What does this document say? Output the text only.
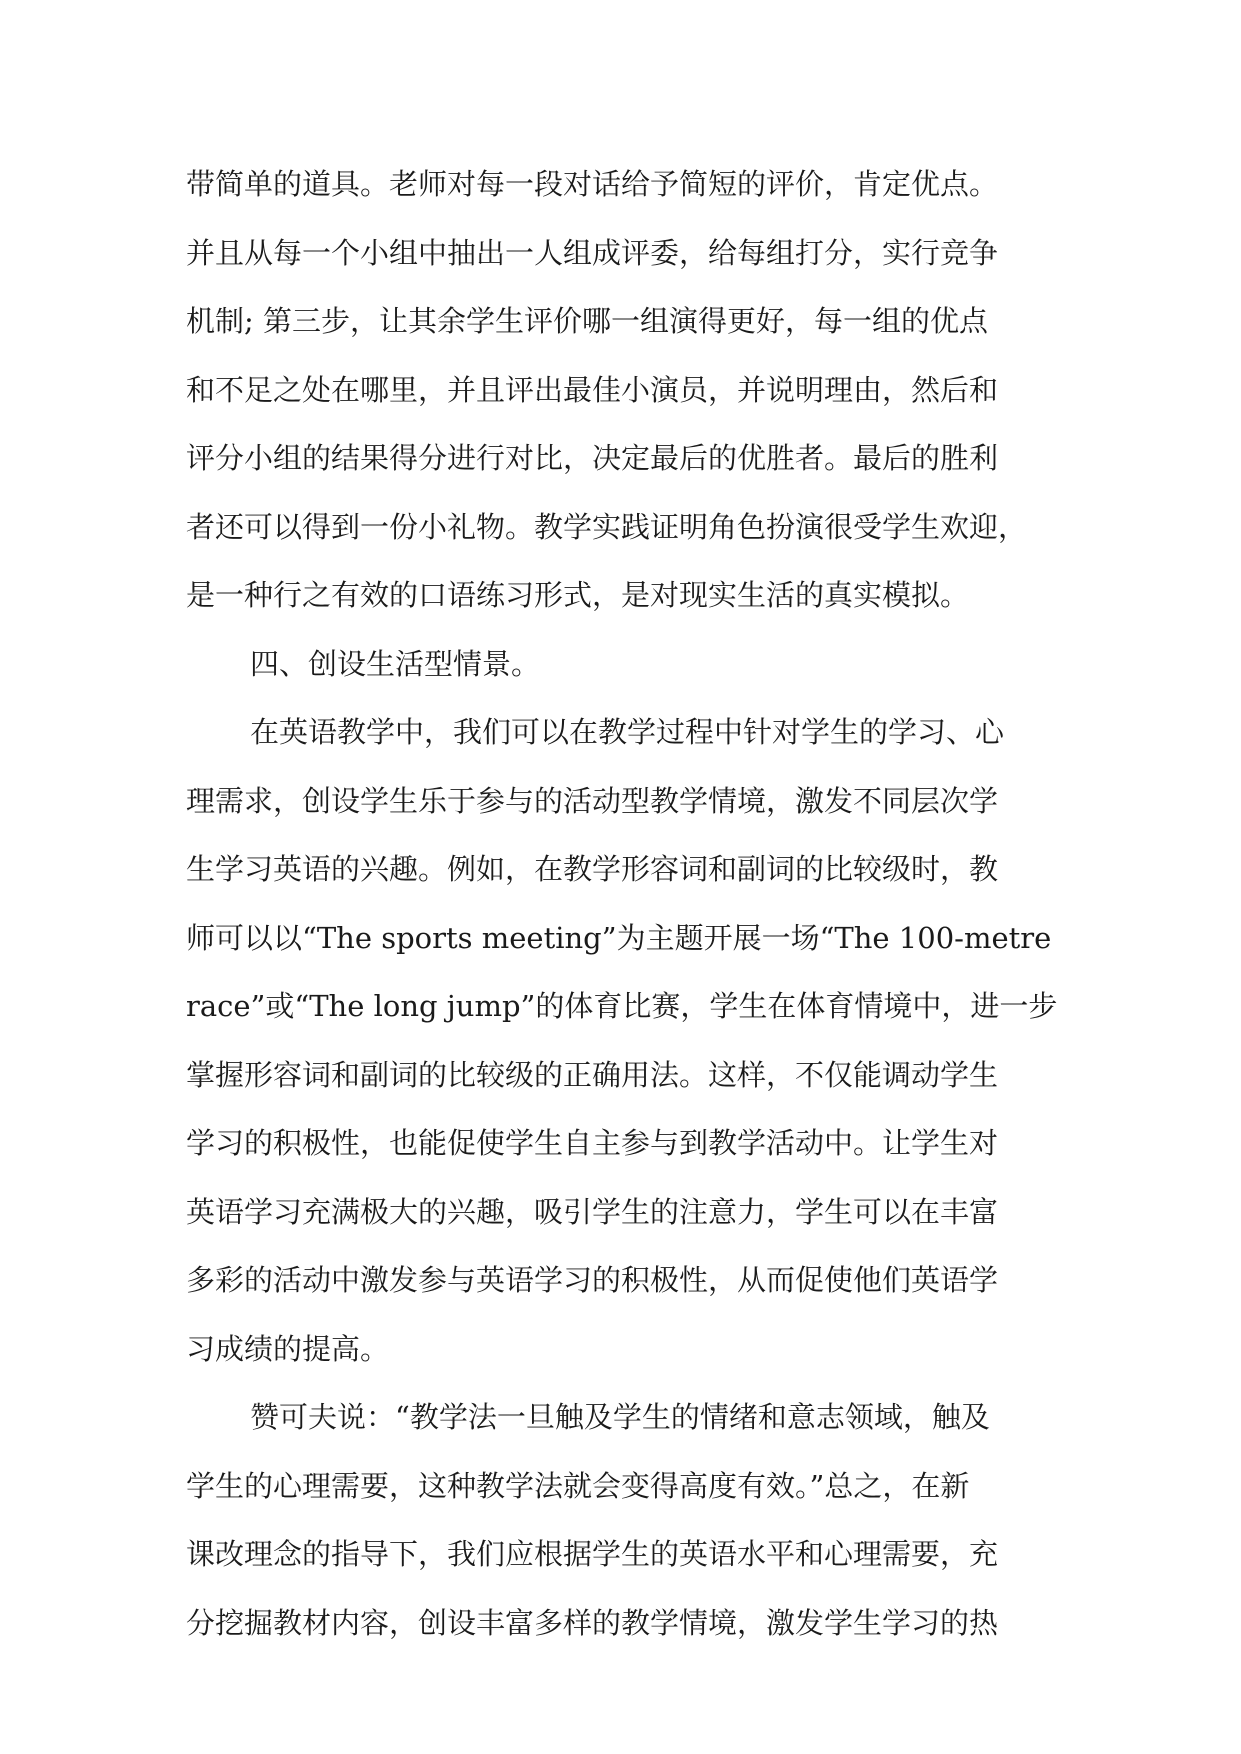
带简单的道具。老师对每一段对话给予简短的评价，肯定优点。
并且从每一个小组中抽出一人组成评委，给每组打分，实行竞争
机制; 第三步，让其余学生评价哪一组演得更好，每一组的优点
和不足之处在哪里，并且评出最佳小演员，并说明理由，然后和
评分小组的结果得分进行对比，决定最后的优胜者。最后的胜利
者还可以得到一份小礼物。教学实践证明角色扮演很受学生欢迎，
是一种行之有效的口语练习形式，是对现实生活的真实模拟。
四、创设生活型情景。
在英语教学中，我们可以在教学过程中针对学生的学习、心
理需求，创设学生乐于参与的活动型教学情境，激发不同层次学
生学习英语的兴趣。例如，在教学形容词和副词的比较级时，教
师可以以“The sports meeting”为主题开展一场“The 100-metre
race”或“The long jump”的体育比赛，学生在体育情境中，进一步
掌握形容词和副词的比较级的正确用法。这样，不仅能调动学生
学习的积极性，也能促使学生自主参与到教学活动中。让学生对
英语学习充满极大的兴趣，吸引学生的注意力，学生可以在丰富
多彩的活动中激发参与英语学习的积极性，从而促使他们英语学
习成绩的提高。
赞可夫说：“教学法一旦触及学生的情绪和意志领域，触及
学生的心理需要，这种教学法就会变得高度有效。”总之，在新
课改理念的指导下，我们应根据学生的英语水平和心理需要，充
分挖掘教材内容，创设丰富多样的教学情境，激发学生学习的热
